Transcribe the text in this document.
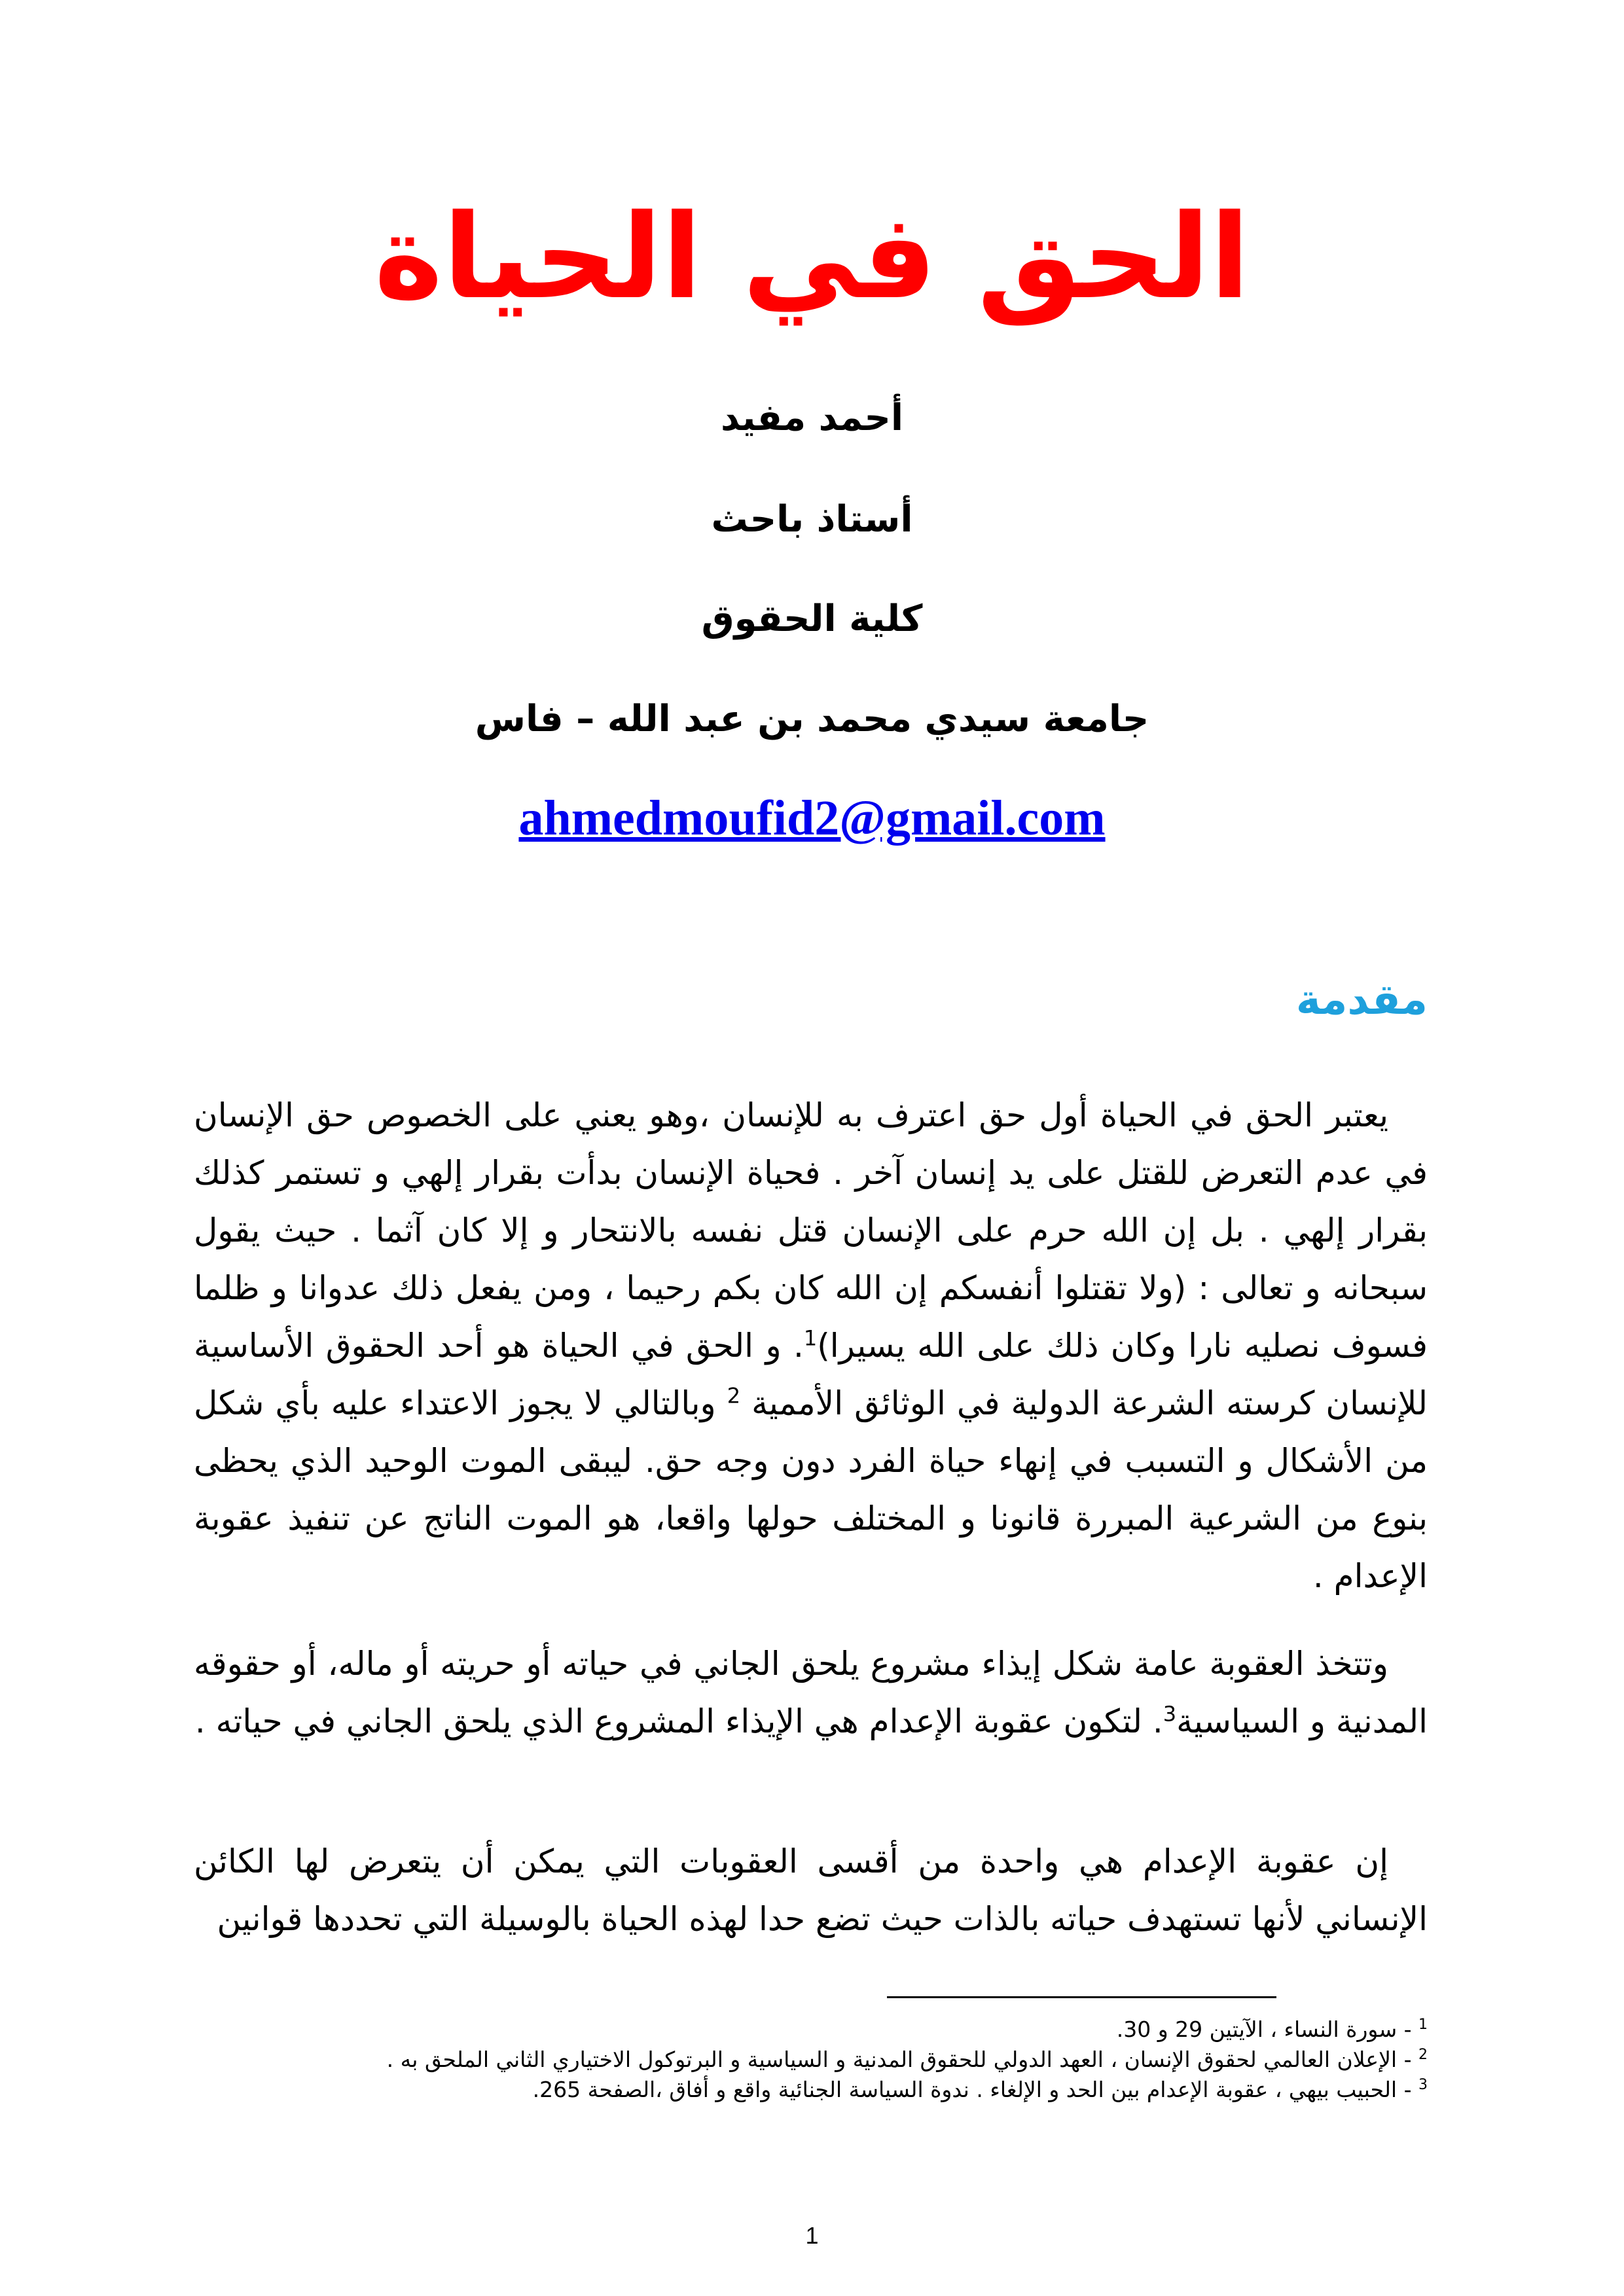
الحق في الحياة
أحمد مفيد
أستاذ باحث
كلية الحقوق
جامعة سيدي محمد بن عبد الله – فاس
ahmedmoufid2@gmail.com
مقدمة
يعتبر الحق في الحياة أول حق اعترف به للإنسان ،وهو يعني على الخصوص حق الإنسان في عدم التعرض للقتل على يد إنسان آخر . فحياة الإنسان بدأت بقرار إلهي و تستمر كذلك بقرار إلهي . بل إن الله حرم على الإنسان قتل نفسه بالانتحار و إلا كان آثما . حيث يقول سبحانه و تعالى : (ولا تقتلوا أنفسكم إن الله كان بكم رحيما ، ومن يفعل ذلك عدوانا و ظلما فسوف نصليه نارا وكان ذلك على الله يسيرا)$^1$. و الحق في الحياة هو أحد الحقوق الأساسية للإنسان كرسته الشرعة الدولية في الوثائق الأممية $^2$ وبالتالي لا يجوز الاعتداء عليه بأي شكل من الأشكال و التسبب في إنهاء حياة الفرد دون وجه حق. ليبقى الموت الوحيد الذي يحظى بنوع من الشرعية المبررة قانونا و المختلف حولها واقعا، هو الموت الناتج عن تنفيذ عقوبة الإعدام .
وتتخذ العقوبة عامة شكل إيذاء مشروع يلحق الجاني في حياته أو حريته أو ماله، أو حقوقه المدنية و السياسية$^3$. لتكون عقوبة الإعدام هي الإيذاء المشروع الذي يلحق الجاني في حياته .
إن عقوبة الإعدام هي واحدة من أقسى العقوبات التي يمكن أن يتعرض لها الكائن الإنساني لأنها تستهدف حياته بالذات حيث تضع حدا لهذه الحياة بالوسيلة التي تحددها قوانين
$^1$ - سورة النساء ، الآيتين 29 و 30.
$^2$ - الإعلان العالمي لحقوق الإنسان ، العهد الدولي للحقوق المدنية و السياسية و البرتوكول الاختياري الثاني الملحق به .
$^3$ - الحبيب بيهي ، عقوبة الإعدام بين الحد و الإلغاء . ندوة السياسة الجنائية واقع و أفاق ،الصفحة 265.
1
